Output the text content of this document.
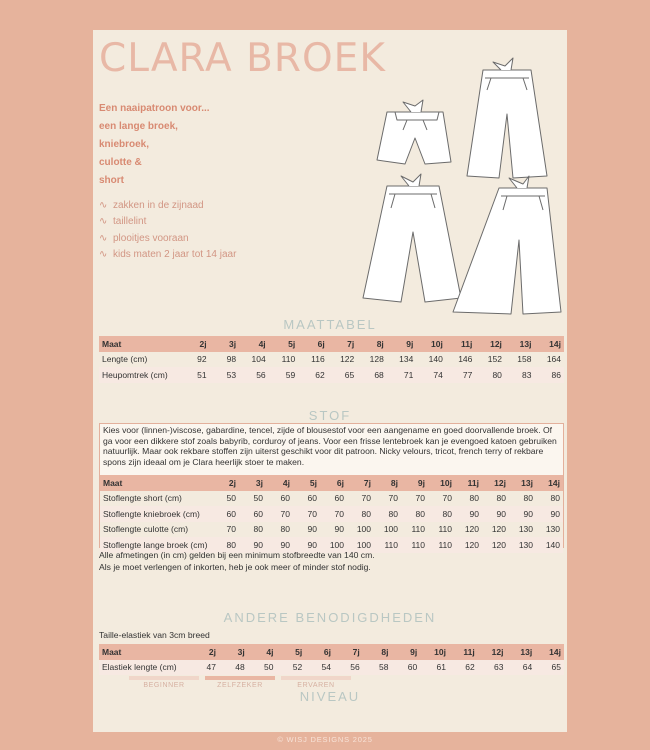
CLARA BROEK
Een naaipatroon voor...
een lange broek,
kniebroek,
culotte &
short
∿ zakken in de zijnaad
∿ taillelint
∿ plooitjes vooraan
∿ kids maten 2 jaar tot 14 jaar
MAATTABEL
Maat	2j	3j	4j	5j	6j	7j	8j	9j	10j	11j	12j	13j	14j
Lengte (cm)	92	98	104	110	116	122	128	134	140	146	152	158	164
Heupomtrek (cm)	51	53	56	59	62	65	68	71	74	77	80	83	86
STOF

Kies voor (linnen-)viscose, gabardine, tencel, zijde of blousestof voor een aangename en goed doorvallende broek. Of ga voor een dikkere stof zoals babyrib, corduroy of jeans. Voor een frisse lentebroek kan je evengoed katoen gebruiken natuurlijk. Maar ook rekbare stoffen zijn uiterst geschikt voor dit patroon. Nicky velours, tricot, french terry of rekbare spons zijn ideaal om je Clara heerlijk stoer te maken.

Maat	2j	3j	4j	5j	6j	7j	8j	9j	10j	11j	12j	13j	14j
Stoflengte short (cm)	50	50	60	60	60	70	70	70	70	80	80	80	80
Stoflengte kniebroek (cm)	60	60	70	70	70	80	80	80	80	90	90	90	90
Stoflengte culotte (cm)	70	80	80	90	90	100	100	110	110	120	120	130	130
Stoflengte lange broek (cm)	80	90	90	90	100	100	110	110	110	120	120	130	140
Alle afmetingen (in cm) gelden bij een minimum stofbreedte van 140 cm.
Als je moet verlengen of inkorten, heb je ook meer of minder stof nodig.
ANDERE BENODIGDHEDEN
Taille-elastiek van 3cm breed
Maat	2j	3j	4j	5j	6j	7j	8j	9j	10j	11j	12j	13j	14j
Elastiek lengte (cm)	47	48	50	52	54	56	58	60	61	62	63	64	65
NIVEAU
BEGINNER	ZELFZEKER	ERVAREN
© WISJ DESIGNS 2025
